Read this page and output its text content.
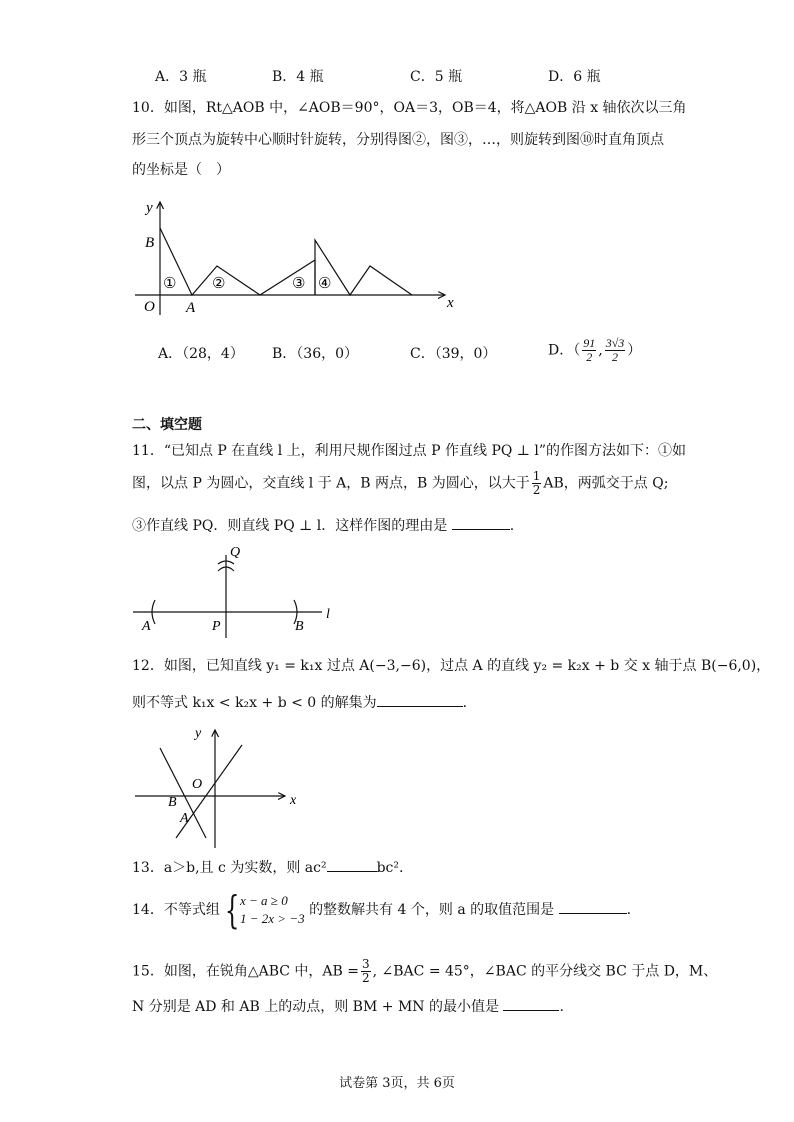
A．3 瓶	B．4 瓶	C．5 瓶	D．6 瓶
10．如图，Rt△AOB 中，∠AOB＝90°，OA＝3，OB＝4，将△AOB 沿 x 轴依次以三角
形三个顶点为旋转中心顺时针旋转，分别得图②，图③，…，则旋转到图⑩时直角顶点
的坐标是（　）
y
x
O A
B
① ②	③ ④
A．（28，4） B．（36，0）	C．（39，0）	D．（ $\frac{91}{2}$ , $\frac{3√3}{2}$ ）
二、填空题
11．“已知点 P 在直线 l 上，利用尺规作图过点 P 作直线 PQ ⊥ l”的作图方法如下：①如
图，以点 P 为圆心，交直线 l 于 A，B 两点，B 为圆心，以大于 $\frac{1}{2}$ AB，两弧交于点 Q;
③作直线 PQ．则直线 PQ ⊥ l．这样作图的理由是	.
Q
A	P	B
l
12．如图，已知直线 y₁ = k₁x 过点 A(−3,−6)，过点 A 的直线 y₂ = k₂x + b 交 x 轴于点 B(−6,0)，
则不等式 k₁x < k₂x + b < 0 的解集为	.
y
x
O
B
A
13．a＞b,且 c 为实数，则 ac²	bc².
14．不等式组 { x − a ≥ 0
1 − 2x > −3
的整数解共有 4 个，则 a 的取值范围是	.
15．如图，在锐角△ABC 中，AB = $\frac{3}{2}$ , ∠BAC = 45°，∠BAC 的平分线交 BC 于点 D，M、
N 分别是 AD 和 AB 上的动点，则 BM + MN 的最小值是	.
试卷第 3页，共 6页
